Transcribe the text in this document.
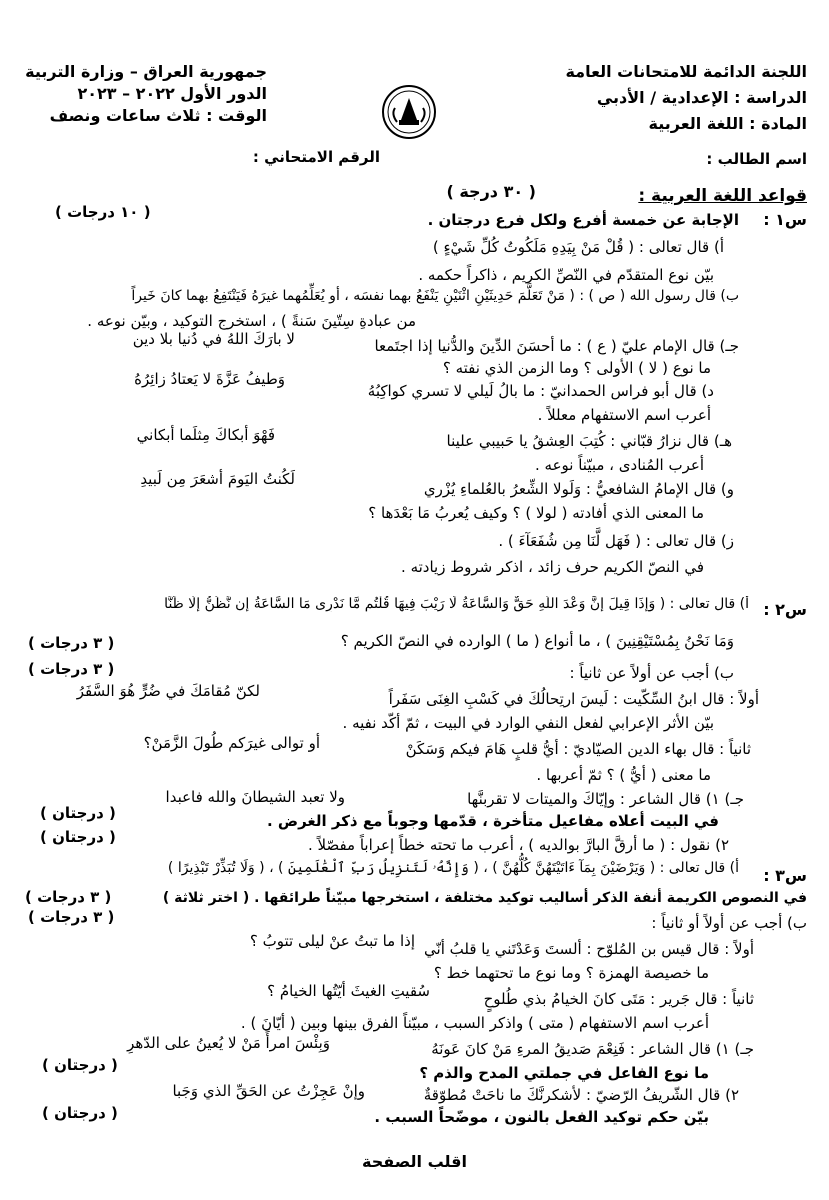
اللجنة الدائمة للامتحانات العامة
الدراسة : الإعدادية / الأدبي
المادة : اللغة العربية
جمهورية العراق – وزارة التربية
الدور الأول ٢٠٢٢ – ٢٠٢٣
الوقت : ثلاث ساعات ونصف
اسم الطالب :
الرقم الامتحاني :
قواعد اللغة العربية :
( ٣٠ درجة )
س١ :
الإجابة عن خمسة أفرع ولكل فرع درجتان .
( ١٠ درجات )
أ) قال تعالى : ( قُلْ مَنْ بِيَدِهِ مَلَكُوتُ كُلِّ شَيْءٍ )
بيّن نوع المتقدّم في النّصِّ الكريم ، ذاكراً حكمه .
ب) قال رسول الله ( ص ) : ( مَنْ تَعَلَّمَ حَدِيثَيْنِ اثْنَيْنِ يَنْفَعُ بهما نفسَه ، أو يُعَلِّمُهما غيرَهُ فَيَنْتَفِعُ بهما كانَ خَيراً
من عبادةِ سِتّينَ سَنةً ) ، استخرج التوكيد ، وبيّن نوعه .
جـ) قال الإمام عليّ ( ع ) : ما أحسَنَ الدِّينَ والدُّنيا إذا اجتَمعا
لا بارَكَ اللهُ في دُنيا بلا دين
ما نوع ( لا ) الأولى ؟ وما الزمن الذي نفته ؟
د) قال أبو فراس الحمدانيّ : ما بالُ لَيلي لا تسري كواكِبُهُ
وَطيفُ عَزَّةَ لا يَعتادُ زائِرُهُ
أعرب اسم الاستفهام معللاً .
هـ) قال نزارُ قبّاني : كُتِبَ العِشقُ يا حَبيبي علينا
فَهْوَ أبكاكَ مِثلَما أبكاني
أعرب المُنادى ، مبيّناً نوعه .
و) قال الإمامُ الشافعيُّ : وَلَولا الشِّعرُ بالعُلماءِ يُزْري
لَكُنتُ اليَومَ أشعَرَ مِن لَبيدِ
ما المعنى الذي أفادته ( لولا ) ؟ وكيف يُعربُ مَا بَعْدَها ؟
ز) قال تعالى : ( فَهَل لَّنَا مِن شُفَعَآءَ ) .
في النصّ الكريم حرف زائد ، اذكر شروط زيادته .
س٢ :
أ) قال تعالى : ( وَإِذَا قِيلَ إِنَّ وَعْدَ اللَّهِ حَقٌّ وَالسَّاعَةُ لَا رَيْبَ فِيهَا قُلْتُم مَّا نَدْرِى مَا السَّاعَةُ إِن نَّظُنُّ إِلَّا ظَنًّا
وَمَا نَحْنُ بِمُسْتَيْقِنِينَ ) ، ما أنواع ( ما ) الوارده في النصّ الكريم ؟
( ٣ درجات )
ب) أجب عن أولاً عن ثانياً :
( ٣ درجات )
أولاً : قال ابنُ السِّكّيت : لَيسَ ارتِحالُكَ في كَسْبِ الغِنَى سَفَراً
لكنّ مُقامَكَ في ضُرٍّ هُوَ السَّفَرُ
بيّن الأثر الإعرابي لفعل النفي الوارد في البيت ، ثمّ أكّد نفيه .
ثانياً : قال بهاء الدين الصيّاديّ : أيُّ قلبٍ هَامَ فيكم وَسَكَنْ
أو توالى غيرَكم طُولَ الزَّمَنْ؟
ما معنى ( أيُّ ) ؟ ثمّ أعربها .
جـ) ١) قال الشاعر : وإيّاكَ والميتات لا تقربنَّها
ولا تعبد الشيطانَ والله فاعبدا
في البيت أعلاه مفاعيل متأخرة ، قدّمها وجوباً مع ذكر الغرض .
( درجتان )
٢) نقول : ( ما أرقَّ البارَّ بوالديه ) ، أعرب ما تحته خطاً إعراباً مفصّلاً .
( درجتان )
س٣ :
أ) قال تعالى : ( وَيَرْضَيْنَ بِمَآ ءَاتَيْتَهُنَّ كُلُّهُنَّ ) ، ( وَإِنَّهُۥ لَتَنزِيلُ رَبِّ ٱلْعَٰلَمِينَ ) ، ( وَلَا تُبَذِّرْ تَبْذِيرًا )
في النصوص الكريمة أنفة الذكر أساليب توكيد مختلفة ، استخرجها مبيّناً طرائقها . ( اختر ثلاثة )
( ٣ درجات )
ب) أجب عن أولاً أو ثانياً :
( ٣ درجات )
أولاً : قال قيس بن المُلوّح : ألستَ وَعَدْتَني يا قلبُ أنّي
إذا ما تبتُ عنْ ليلى تتوبُ ؟
ما خصيصة الهمزة ؟ وما نوع ما تحتهما خط ؟
ثانياً : قال جَرير : مَتَى كانَ الخيامُ بذي طُلوحٍ
سُقيتِ الغيثَ أيّتُها الخيامُ ؟
أعرب اسم الاستفهام ( متى ) واذكر السبب ، مبيّناً الفرق بينها وبين ( أيّانَ ) .
جـ) ١) قال الشاعر : فَنِعْمَ صَديقُ المرءِ مَنْ كانَ عَونَهُ
وَبِئْسَ امرأً مَنْ لا يُعينُ على الدّهرِ
ما نوع الفاعل في جملتي المدح والذم ؟
( درجتان )
٢) قال الشّريفُ الرّضيّ : لأشكرنَّكَ ما ناحَتْ مُطوّقةٌ
وإنْ عَجِزْتُ عن الحَقِّ الذي وَجَبا
بيّن حكم توكيد الفعل بالنون ، موضّحاً السبب .
( درجتان )
اقلب الصفحة
